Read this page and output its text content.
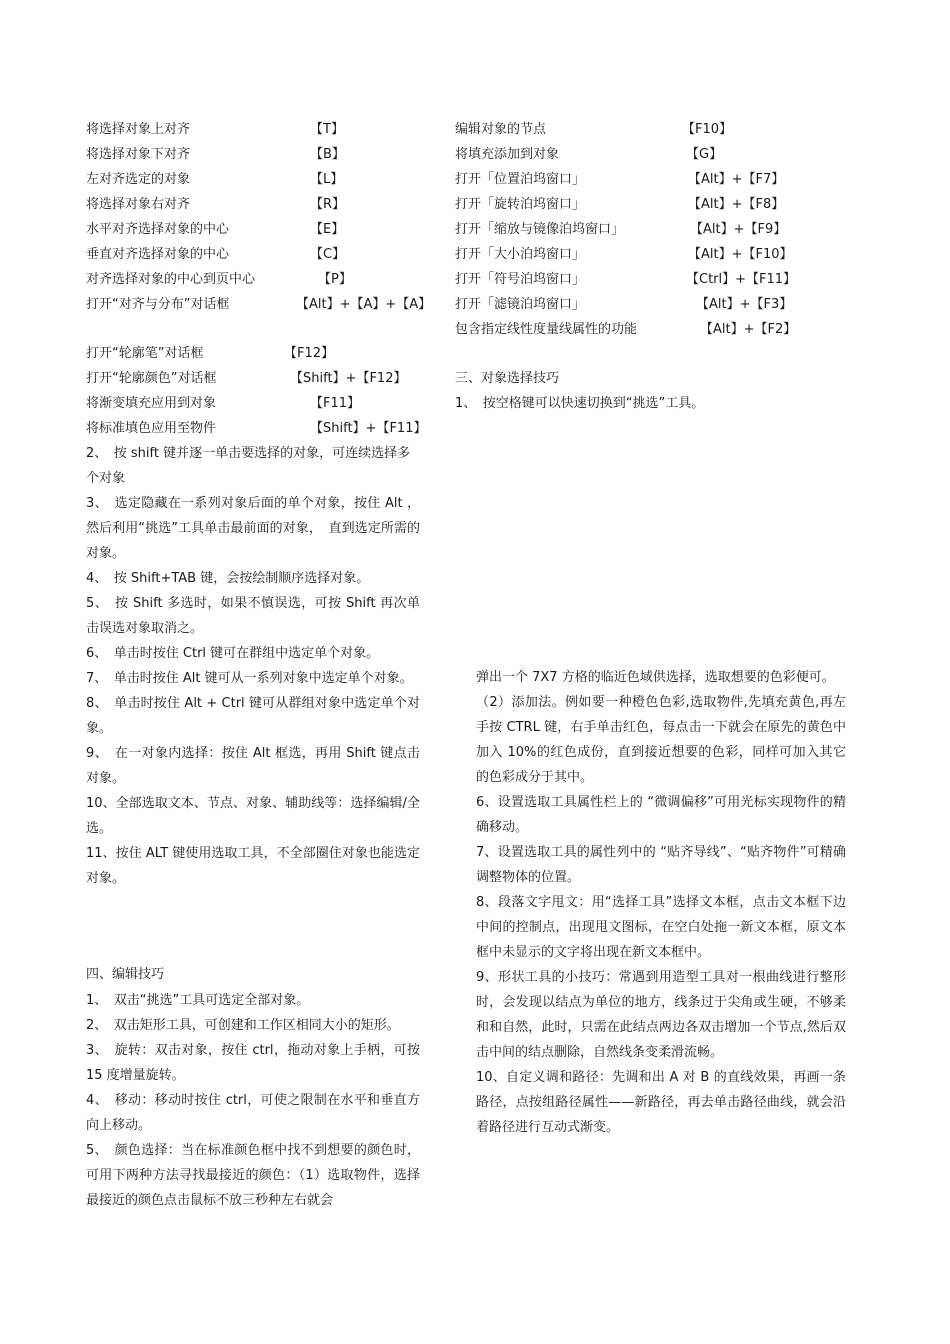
将选择对象上对齐	【T】
将选择对象下对齐	【B】
左对齐选定的对象	【L】
将选择对象右对齐	【R】
水平对齐选择对象的中心	【E】
垂直对齐选择对象的中心	【C】
对齐选择对象的中心到页中心	【P】
打开“对齐与分布”对话框	【Alt】+【A】+【A】
打开“轮廓笔”对话框	【F12】
打开“轮廓颜色”对话框	【Shift】+【F12】
将渐变填充应用到对象	【F11】
将标准填色应用至物件	【Shift】+【F11】

2、　按 shift 键并逐一单击要选择的对象，可连续选择多

个对象

3、　选定隐藏在一系列对象后面的单个对象，按住 Alt ，然后利用“挑选”工具单击最前面的对象，　直到选定所需的对象。

4、　按 Shift+TAB 键，会按绘制顺序选择对象。

5、　按 Shift 多选时，如果不慎误选，可按 Shift 再次单击误选对象取消之。

6、　单击时按住 Ctrl 键可在群组中选定单个对象。

7、　单击时按住 Alt 键可从一系列对象中选定单个对象。

8、　单击时按住 Alt + Ctrl 键可从群组对象中选定单个对象。

9、　在一对象内选择：按住 Alt 框选，再用 Shift 键点击对象。

10、全部选取文本、节点、对象、辅助线等：选择编辑/全选。

11、按住 ALT 键使用选取工具，不全部圈住对象也能选定对象。

四、编辑技巧

1、　双击“挑选”工具可选定全部对象。

2、　双击矩形工具，可创建和工作区相同大小的矩形。

3、　旋转：双击对象，按住 ctrl，拖动对象上手柄，可按 15 度增量旋转。

4、　移动：移动时按住 ctrl，可使之限制在水平和垂直方向上移动。

5、　颜色选择：当在标准颜色框中找不到想要的颜色时，可用下两种方法寻找最接近的颜色：（1）选取物件，选择最接近的颜色点击鼠标不放三秒种左右就会

编辑对象的节点	【F10】
将填充添加到对象	【G】
打开「位置泊坞窗口」	【Alt】+【F7】
打开「旋转泊坞窗口」	【Alt】+【F8】
打开「缩放与镜像泊坞窗口」	【Alt】+【F9】
打开「大小泊坞窗口」	【Alt】+【F10】
打开「符号泊坞窗口」	【Ctrl】+【F11】
打开「滤镜泊坞窗口」	【Alt】+【F3】
包含指定线性度量线属性的功能	【Alt】+【F2】
三、对象选择技巧
1、　按空格键可以快速切换到“挑选”工具。

弹出一个 7X7 方格的临近色域供选择，选取想要的色彩便可。

（2）添加法。例如要一种橙色色彩,选取物件,先填充黄色,再左手按 CTRL 键，右手单击红色，每点击一下就会在原先的黄色中加入 10%的红色成份，直到接近想要的色彩，同样可加入其它的色彩成分于其中。

6、设置选取工具属性栏上的 “微调偏移”可用光标实现物件的精确移动。

7、设置选取工具的属性列中的 “贴齐导线”、“贴齐物件”可精确调整物体的位置。

8、段落文字甩文：用“选择工具”选择文本框，点击文本框下边中间的控制点，出现甩文图标，在空白处拖一新文本框，原文本框中未显示的文字将出现在新文本框中。

9、形状工具的小技巧：常遇到用造型工具对一根曲线进行整形时，会发现以结点为单位的地方，线条过于尖角或生硬，不够柔和和自然，此时，只需在此结点两边各双击增加一个节点,然后双击中间的结点删除，自然线条变柔滑流畅。

10、自定义调和路径：先调和出 A 对 B 的直线效果，再画一条路径，点按组路径属性——新路径，再去单击路径曲线，就会沿着路径进行互动式渐变。
